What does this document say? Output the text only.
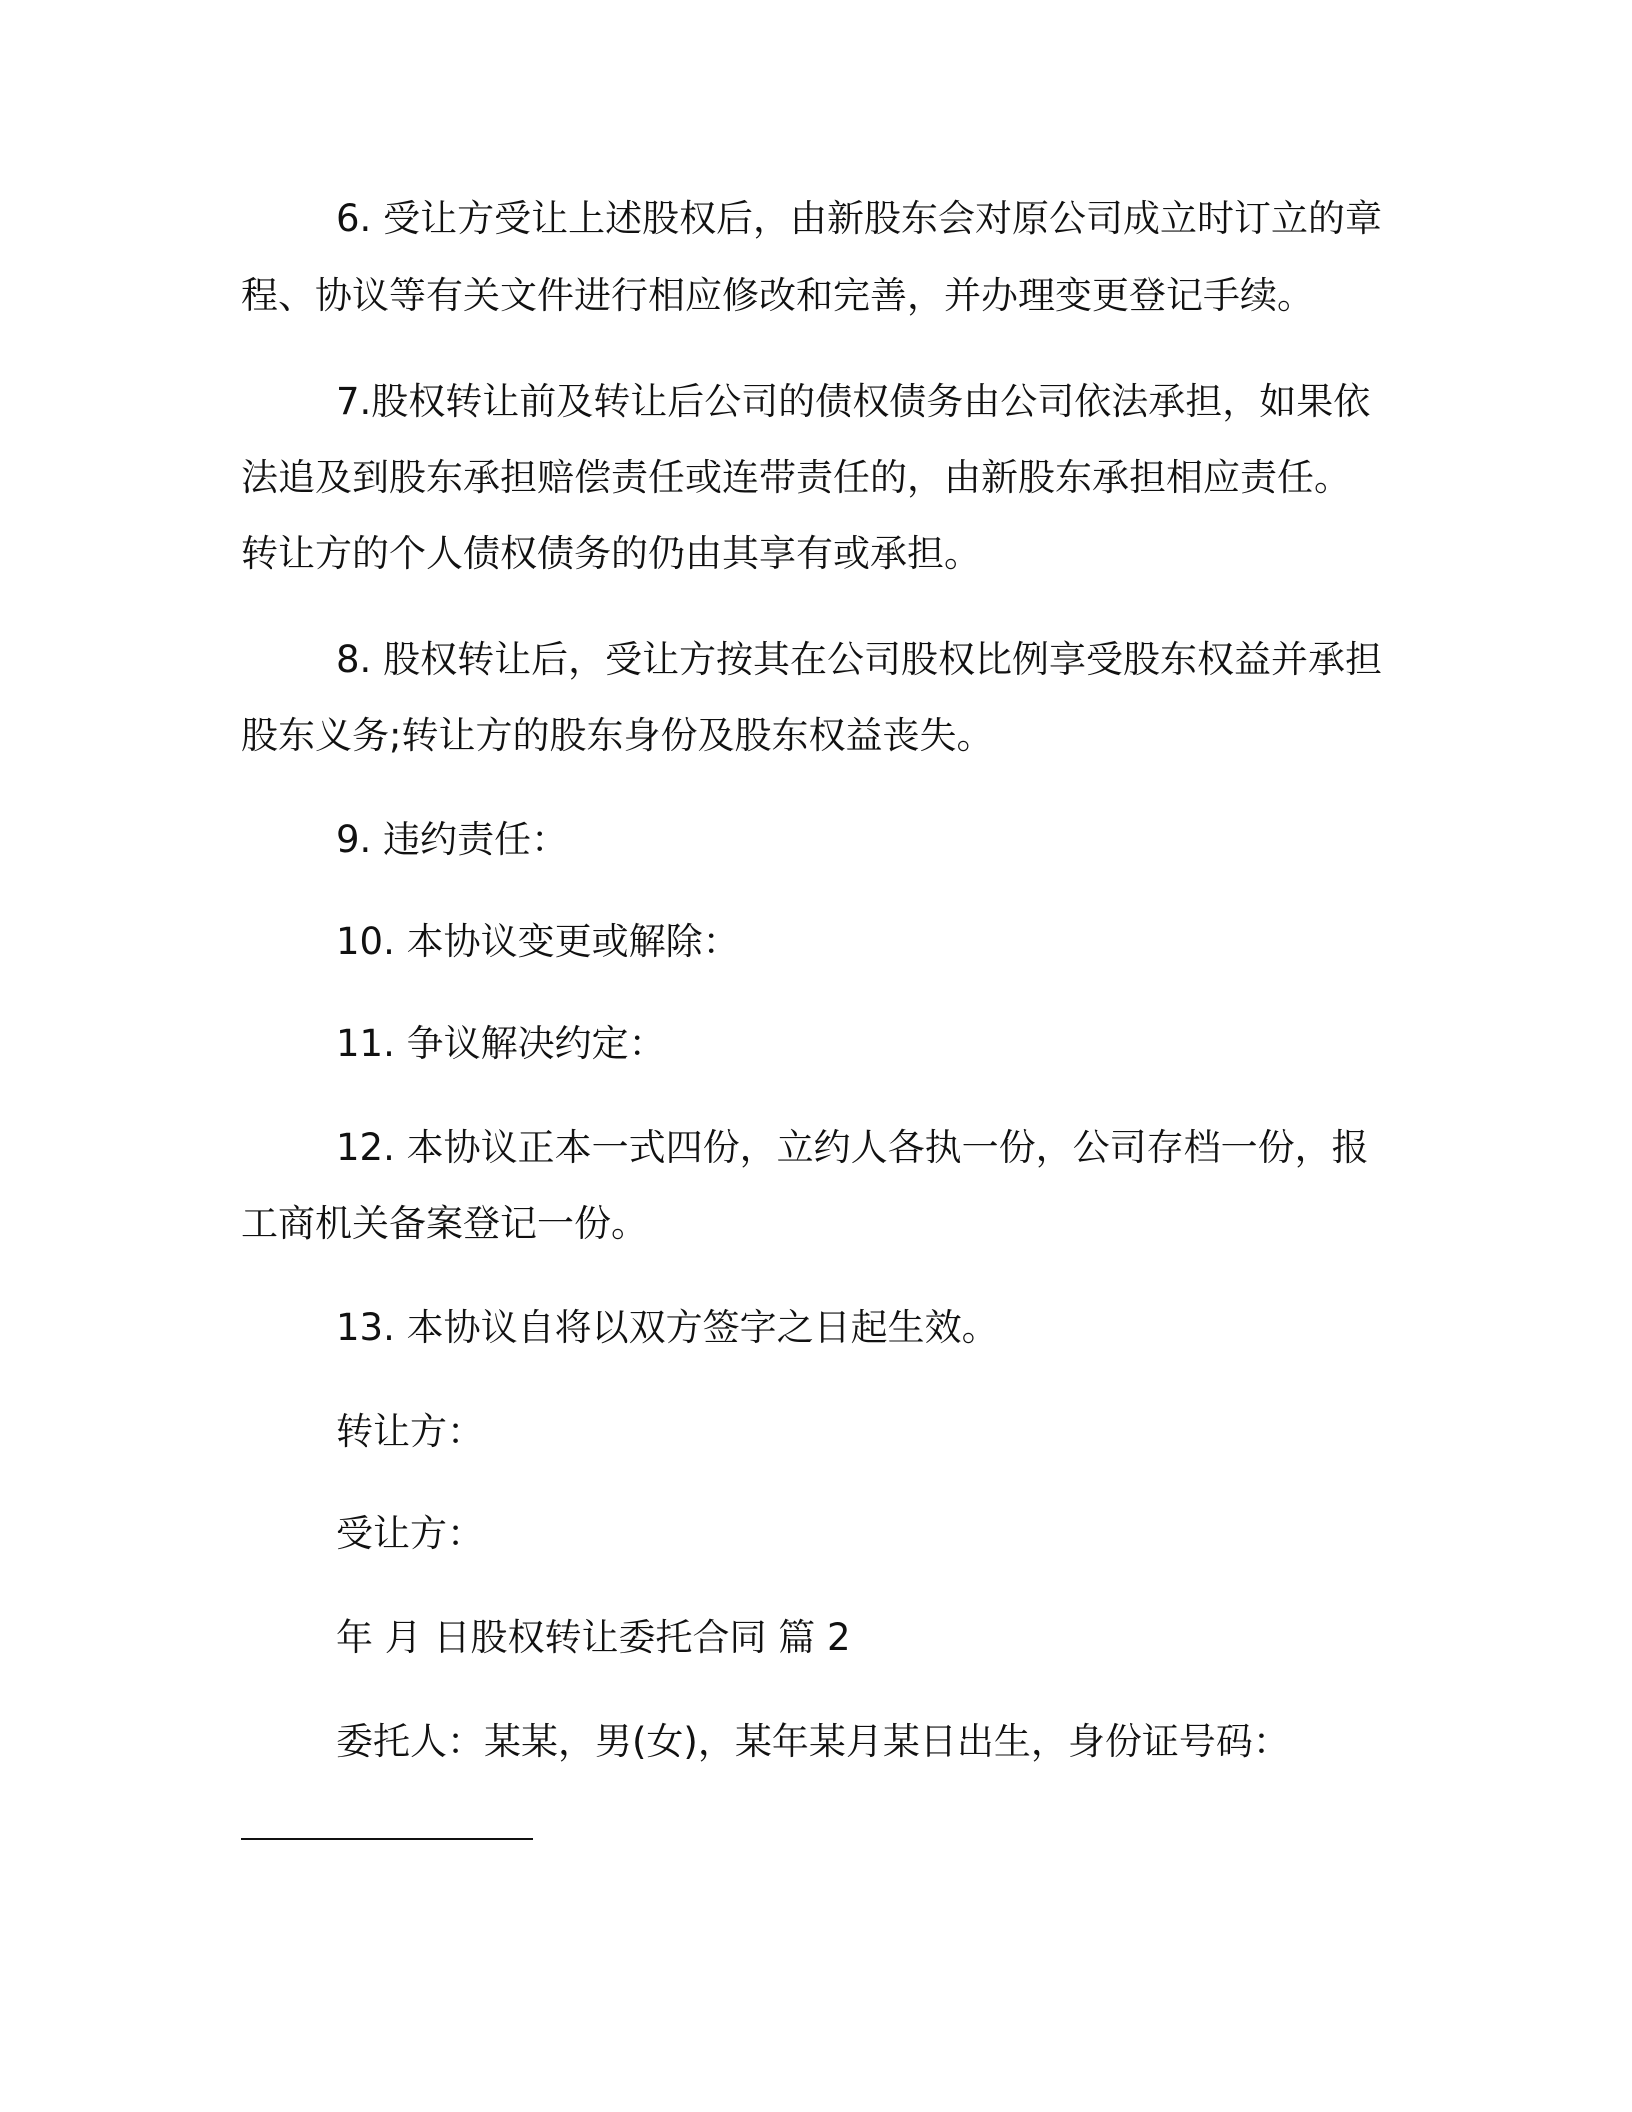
6. 受让方受让上述股权后，由新股东会对原公司成立时订立的章
程、协议等有关文件进行相应修改和完善，并办理变更登记手续。
7.股权转让前及转让后公司的债权债务由公司依法承担，如果依
法追及到股东承担赔偿责任或连带责任的，由新股东承担相应责任。
转让方的个人债权债务的仍由其享有或承担。
8. 股权转让后，受让方按其在公司股权比例享受股东权益并承担
股东义务;转让方的股东身份及股东权益丧失。
9. 违约责任：
10. 本协议变更或解除：
11. 争议解决约定：
12. 本协议正本一式四份，立约人各执一份，公司存档一份，报
工商机关备案登记一份。
13. 本协议自将以双方签字之日起生效。
转让方：
受让方：
年 月 日股权转让委托合同 篇 2
委托人：某某，男(女)，某年某月某日出生，身份证号码：
